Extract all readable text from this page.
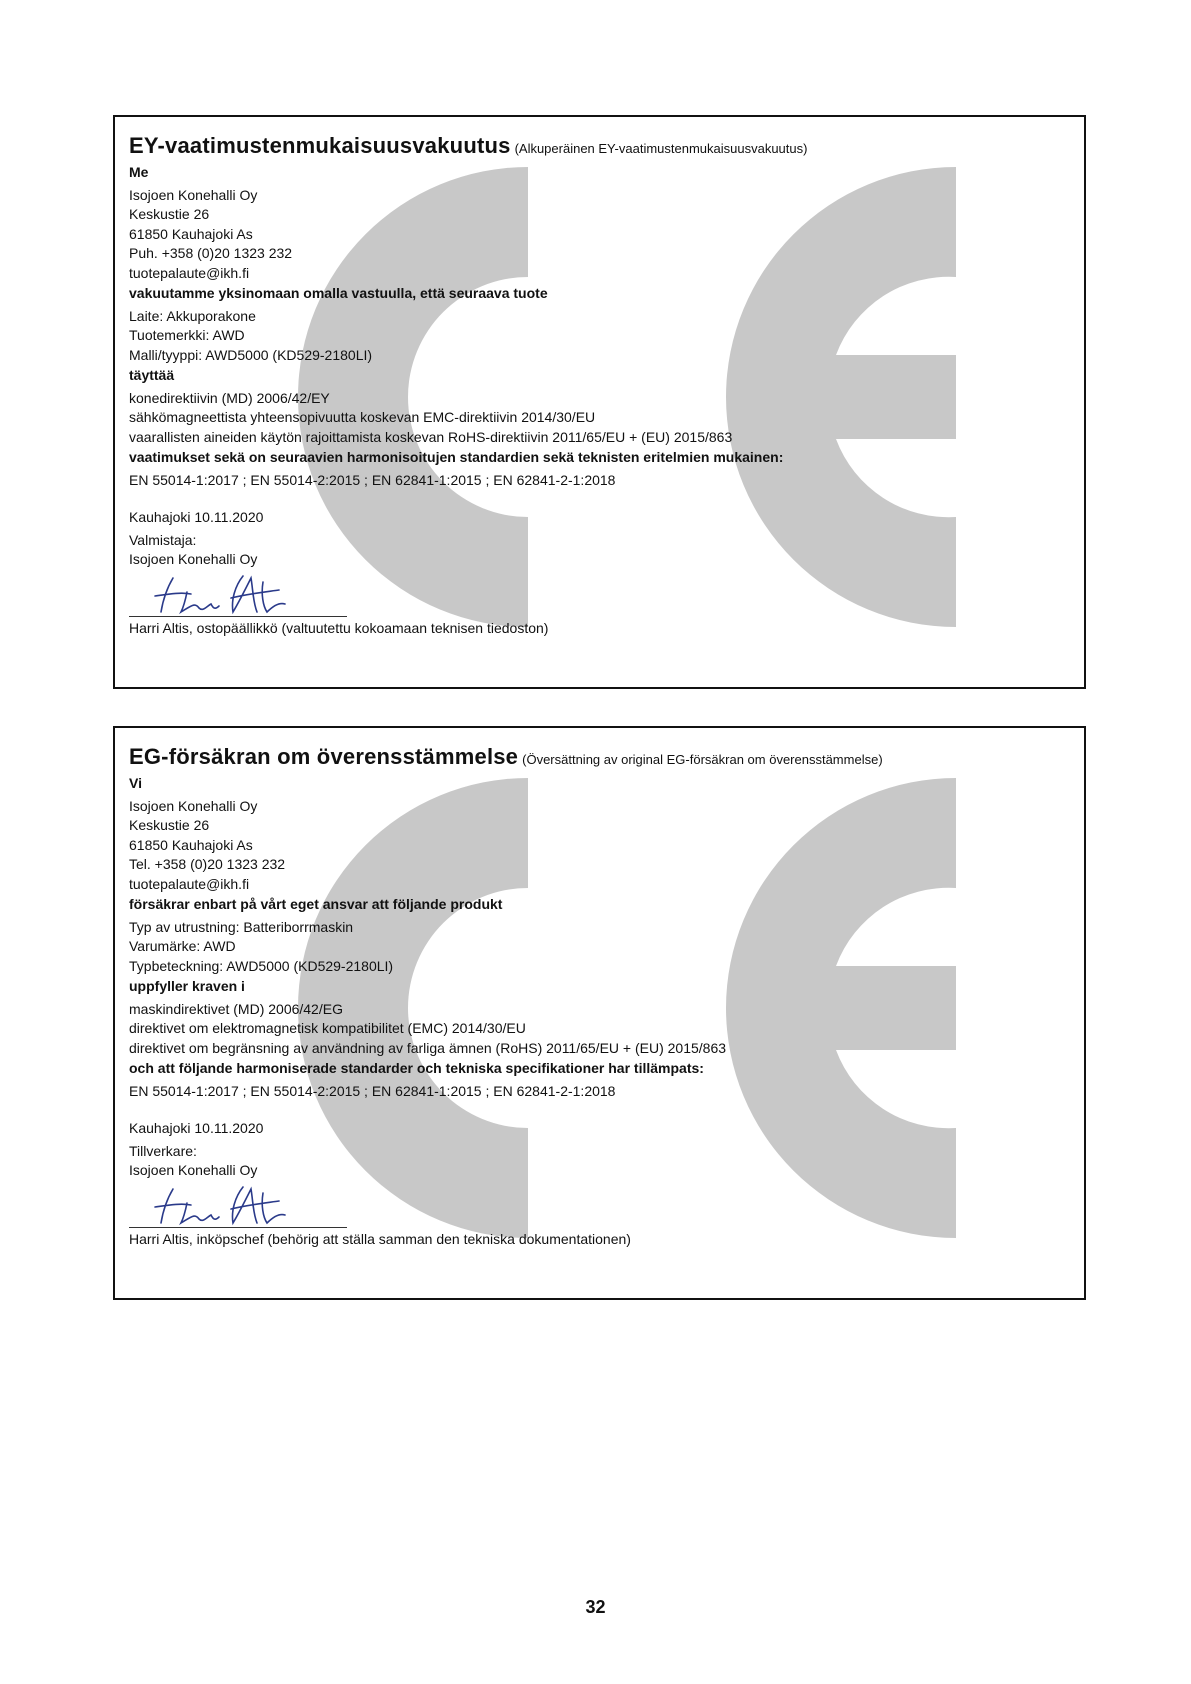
EY-vaatimustenmukaisuusvakuutus (Alkuperäinen EY-vaatimustenmukaisuusvakuutus)
Me
Isojoen Konehalli Oy
Keskustie 26
61850 Kauhajoki As
Puh. +358 (0)20 1323 232
tuotepalaute@ikh.fi
vakuutamme yksinomaan omalla vastuulla, että seuraava tuote
Laite: Akkuporakone
Tuotemerkki: AWD
Malli/tyyppi: AWD5000 (KD529-2180LI)
täyttää
konedirektiivin (MD) 2006/42/EY
sähkömagneettista yhteensopivuutta koskevan EMC-direktiivin 2014/30/EU
vaarallisten aineiden käytön rajoittamista koskevan RoHS-direktiivin 2011/65/EU + (EU) 2015/863
vaatimukset sekä on seuraavien harmonisoitujen standardien sekä teknisten eritelmien mukainen:
EN 55014-1:2017 ; EN 55014-2:2015 ; EN 62841-1:2015 ; EN 62841-2-1:2018
Kauhajoki 10.11.2020
Valmistaja:
Isojoen Konehalli Oy
Harri Altis, ostopäällikkö (valtuutettu kokoamaan teknisen tiedoston)
EG-försäkran om överensstämmelse (Översättning av original EG-försäkran om överensstämmelse)
Vi
Isojoen Konehalli Oy
Keskustie 26
61850 Kauhajoki As
Tel. +358 (0)20 1323 232
tuotepalaute@ikh.fi
försäkrar enbart på vårt eget ansvar att följande produkt
Typ av utrustning: Batteriborrmaskin
Varumärke: AWD
Typbeteckning: AWD5000 (KD529-2180LI)
uppfyller kraven i
maskindirektivet (MD) 2006/42/EG
direktivet om elektromagnetisk kompatibilitet (EMC) 2014/30/EU
direktivet om begränsning av användning av farliga ämnen (RoHS) 2011/65/EU + (EU) 2015/863
och att följande harmoniserade standarder och tekniska specifikationer har tillämpats:
EN 55014-1:2017 ; EN 55014-2:2015 ; EN 62841-1:2015 ; EN 62841-2-1:2018
Kauhajoki 10.11.2020
Tillverkare:
Isojoen Konehalli Oy
Harri Altis, inköpschef (behörig att ställa samman den tekniska dokumentationen)
32
